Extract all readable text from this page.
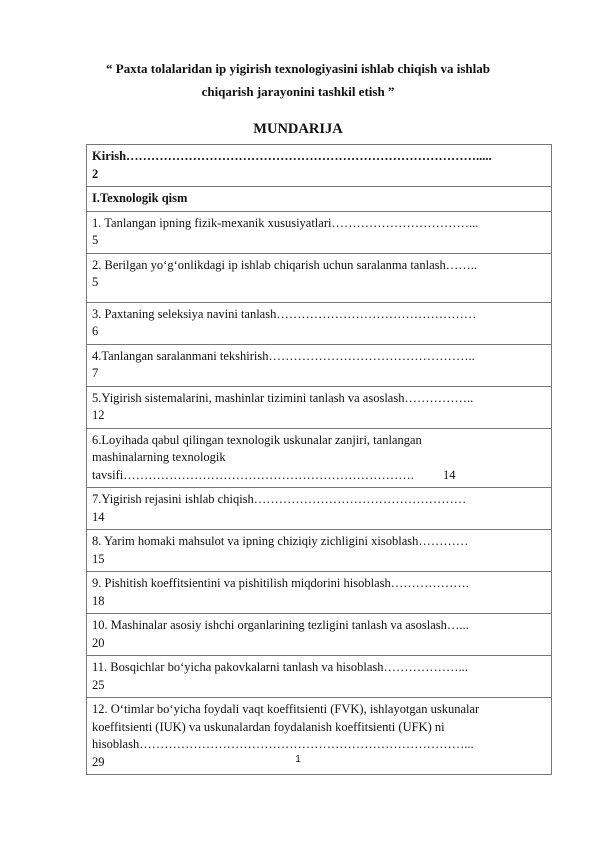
“ Paxta tolalaridan ip yigirish texnologiyasini ishlab chiqish va ishlab
chiqarish jarayonini tashkil etish ”
MUNDARIJA
Kirish………………………………………………………………………….....
2

I.Texnologik qism
1. Tanlangan ipning fizik-mexanik xususiyatlari……………………………...
5

2. Berilgan yo‘g‘onlikdagi ip ishlab chiqarish uchun saralanma tanlash……..
5

3. Paxtaning seleksiya navini tanlash…………………………………………
6

4.Tanlangan saralanmani tekshirish…………………………………………..
7

5.Yigirish sistemalarini, mashinlar tizimini tanlash va asoslash……………..
12

6.Loyihada qabul qilingan texnologik uskunalar zanjiri, tanlangan
mashinalarning texnologik
tavsifi……………………………………………………………. 14
7.Yigirish rejasini ishlab chiqish……………………………………………
14

8. Yarim homaki mahsulot va ipning chiziqiy zichligini xisoblash…………
15

9. Pishitish koeffitsientini va pishitilish miqdorini hisoblash……………….
18

10. Mashinalar asosiy ishchi organlarining tezligini tanlash va asoslash…...
20

11. Bosqichlar bo‘yicha pakovkalarni tanlash va hisoblash………………...
25

12. O‘timlar bo‘yicha foydali vaqt koeffitsienti (FVK), ishlayotgan uskunalar
koeffitsienti (IUK) va uskunalardan foydalanish koeffitsienti (UFK) ni
hisoblash……………………………………………………………………...
29	1
